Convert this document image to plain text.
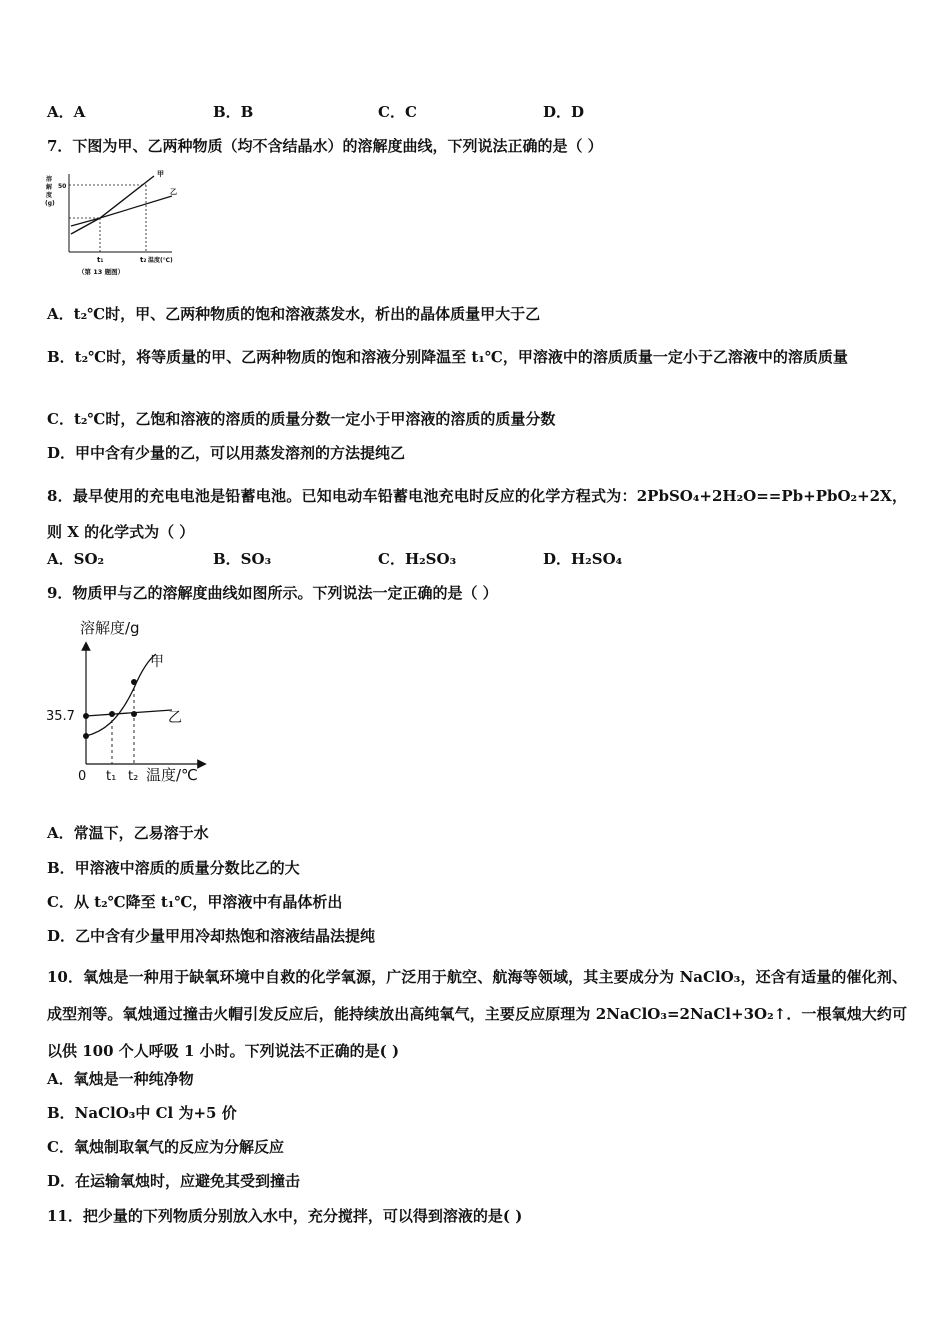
A．A	B．B	C．C	D．D
7．下图为甲、乙两种物质（均不含结晶水）的溶解度曲线，下列说法正确的是（ ）
溶
解
度
(g)
50
甲
乙
t₁	t₂ 温度(℃)
（第 13 题图）
A．t₂℃时，甲、乙两种物质的饱和溶液蒸发水，析出的晶体质量甲大于乙
B．t₂℃时，将等质量的甲、乙两种物质的饱和溶液分别降温至 t₁℃，甲溶液中的溶质质量一定小于乙溶液中的溶质质量
C．t₂℃时，乙饱和溶液的溶质的质量分数一定小于甲溶液的溶质的质量分数
D．甲中含有少量的乙，可以用蒸发溶剂的方法提纯乙
8．最早使用的充电电池是铅蓄电池。已知电动车铅蓄电池充电时反应的化学方程式为：2PbSO₄+2H₂O==Pb+PbO₂+2X，则 X 的化学式为（ ）
A．SO₂	B．SO₃	C．H₂SO₃	D．H₂SO₄
9．物质甲与乙的溶解度曲线如图所示。下列说法一定正确的是（ ）
溶解度/g
甲
乙
35.7
0 t₁ t₂ 温度/℃
A．常温下，乙易溶于水
B．甲溶液中溶质的质量分数比乙的大
C．从 t₂℃降至 t₁℃，甲溶液中有晶体析出
D．乙中含有少量甲用冷却热饱和溶液结晶法提纯
10．氧烛是一种用于缺氧环境中自救的化学氧源，广泛用于航空、航海等领域，其主要成分为 NaClO₃，还含有适量的催化剂、成型剂等。氧烛通过撞击火帽引发反应后，能持续放出高纯氧气，主要反应原理为 2NaClO₃=2NaCl+3O₂↑．一根氧烛大约可以供 100 个人呼吸 1 小时。下列说法不正确的是( )
A．氧烛是一种纯净物
B．NaClO₃中 Cl 为+5 价
C．氧烛制取氧气的反应为分解反应
D．在运输氧烛时，应避免其受到撞击
11．把少量的下列物质分别放入水中，充分搅拌，可以得到溶液的是( )
